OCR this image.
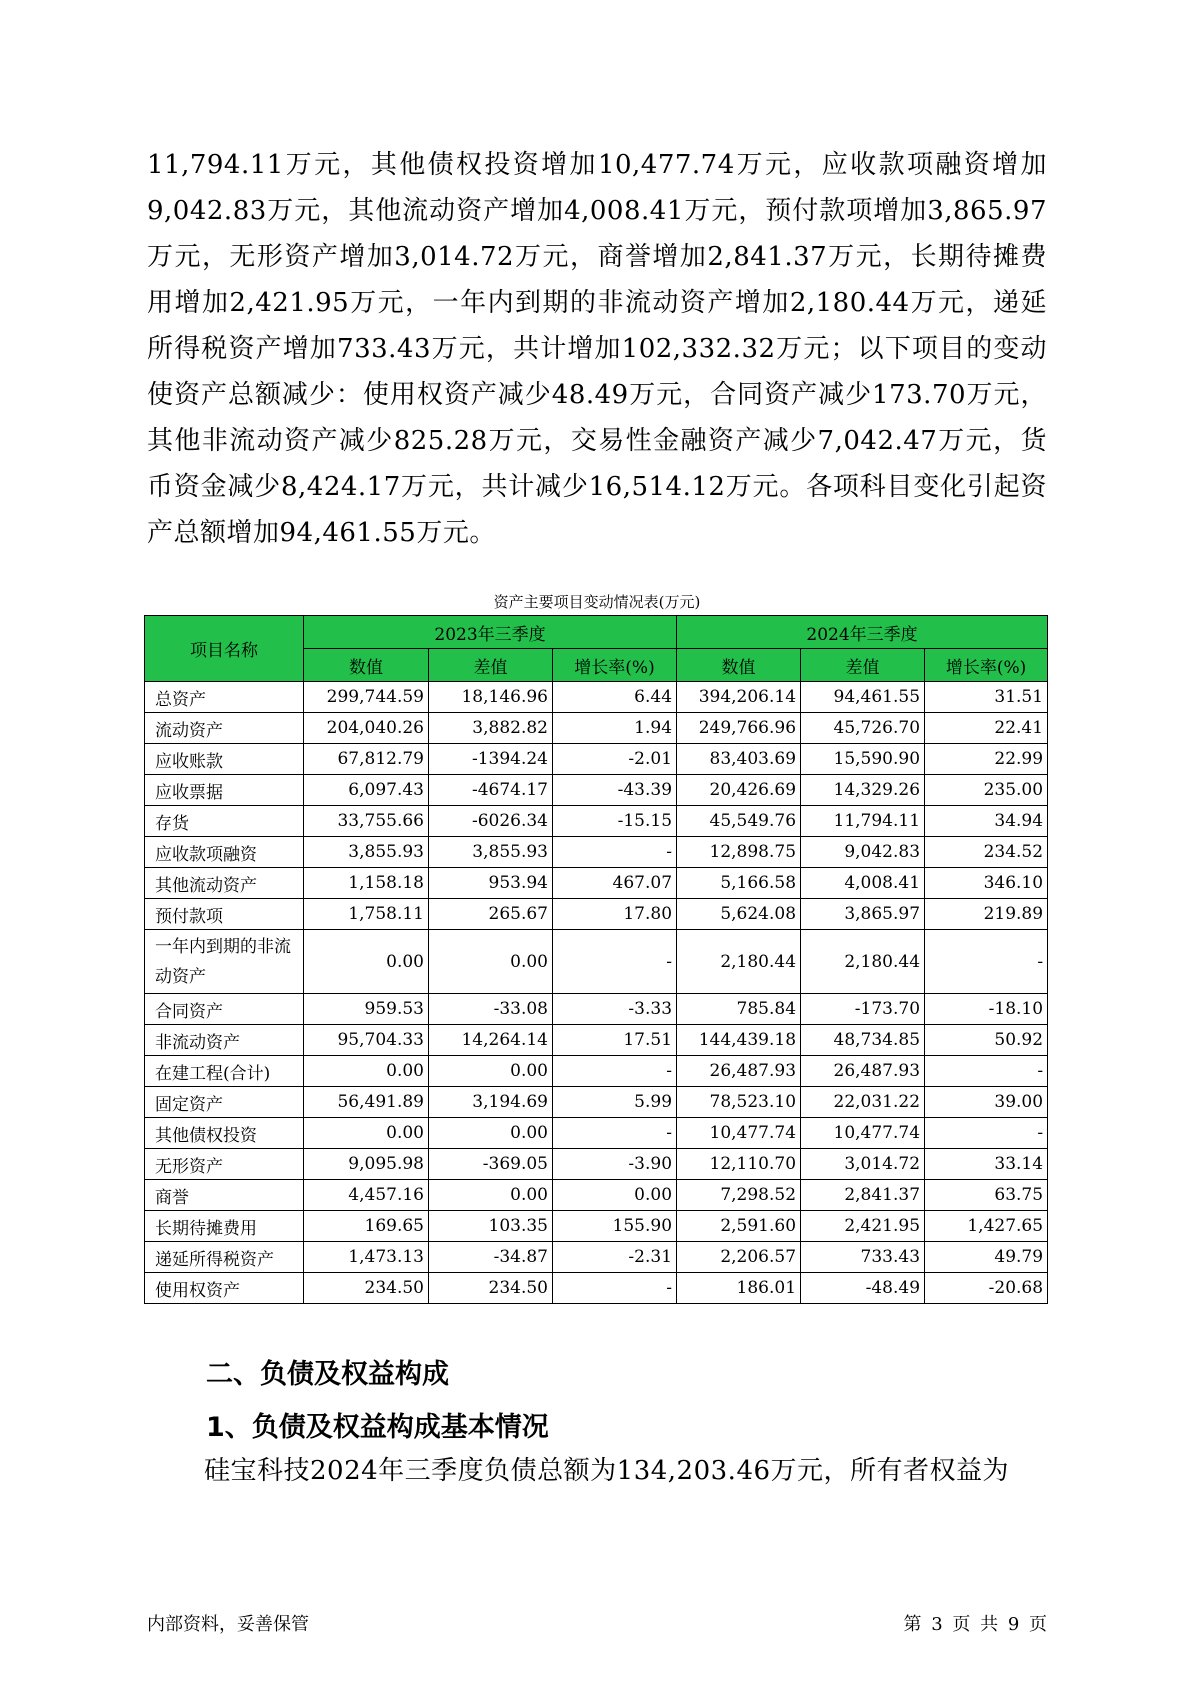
11,794.11万元，其他债权投资增加10,477.74万元，应收款项融资增加
9,042.83万元，其他流动资产增加4,008.41万元，预付款项增加3,865.97
万元，无形资产增加3,014.72万元，商誉增加2,841.37万元，长期待摊费
用增加2,421.95万元，一年内到期的非流动资产增加2,180.44万元，递延
所得税资产增加733.43万元，共计增加102,332.32万元；以下项目的变动
使资产总额减少：使用权资产减少48.49万元，合同资产减少173.70万元，
其他非流动资产减少825.28万元，交易性金融资产减少7,042.47万元，货
币资金减少8,424.17万元，共计减少16,514.12万元。各项科目变化引起资
产总额增加94,461.55万元。

资产主要项目变动情况表(万元)

项目名称	2023年三季度			2024年三季度		
	数值	差值	增长率(%)	数值	差值	增长率(%)
总资产	299,744.59	18,146.96	6.44	394,206.14	94,461.55	31.51
流动资产	204,040.26	3,882.82	1.94	249,766.96	45,726.70	22.41
应收账款	67,812.79	-1394.24	-2.01	83,403.69	15,590.90	22.99
应收票据	6,097.43	-4674.17	-43.39	20,426.69	14,329.26	235.00
存货	33,755.66	-6026.34	-15.15	45,549.76	11,794.11	34.94
应收款项融资	3,855.93	3,855.93	-	12,898.75	9,042.83	234.52
其他流动资产	1,158.18	953.94	467.07	5,166.58	4,008.41	346.10
预付款项	1,758.11	265.67	17.80	5,624.08	3,865.97	219.89
一年内到期的非流动资产	0.00	0.00	-	2,180.44	2,180.44	-
合同资产	959.53	-33.08	-3.33	785.84	-173.70	-18.10
非流动资产	95,704.33	14,264.14	17.51	144,439.18	48,734.85	50.92
在建工程(合计)	0.00	0.00	-	26,487.93	26,487.93	-
固定资产	56,491.89	3,194.69	5.99	78,523.10	22,031.22	39.00
其他债权投资	0.00	0.00	-	10,477.74	10,477.74	-
无形资产	9,095.98	-369.05	-3.90	12,110.70	3,014.72	33.14
商誉	4,457.16	0.00	0.00	7,298.52	2,841.37	63.75
长期待摊费用	169.65	103.35	155.90	2,591.60	2,421.95	1,427.65
递延所得税资产	1,473.13	-34.87	-2.31	2,206.57	733.43	49.79
使用权资产	234.50	234.50	-	186.01	-48.49	-20.68
二、负债及权益构成
1、负债及权益构成基本情况

硅宝科技2024年三季度负债总额为134,203.46万元，所有者权益为

内部资料，妥善保管	第 3 页 共 9 页
